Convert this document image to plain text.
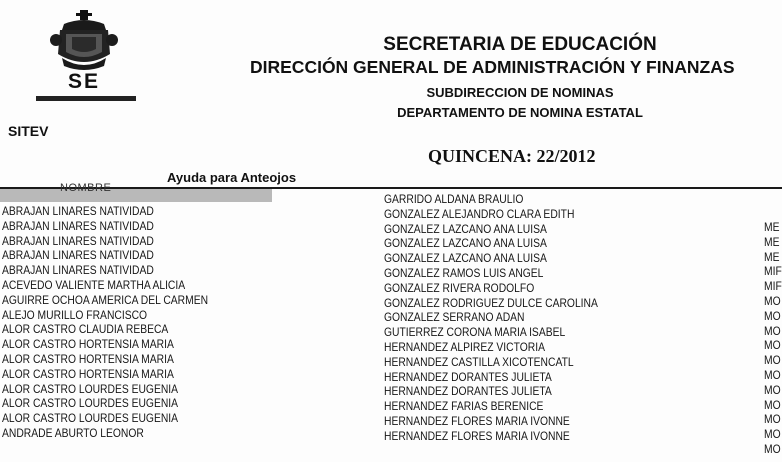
SE
SECRETARIA DE EDUCACIÓN
DIRECCIÓN GENERAL DE ADMINISTRACIÓN Y FINANZAS
SUBDIRECCION DE NOMINAS
DEPARTAMENTO DE NOMINA ESTATAL
SITEV
QUINCENA: 22/2012
Ayuda para Anteojos
NOMBRE
ABRAJAN LINARES NATIVIDAD
ABRAJAN LINARES NATIVIDAD
ABRAJAN LINARES NATIVIDAD
ABRAJAN LINARES NATIVIDAD
ABRAJAN LINARES NATIVIDAD
ACEVEDO VALIENTE MARTHA ALICIA
AGUIRRE OCHOA AMERICA DEL CARMEN
ALEJO MURILLO FRANCISCO
ALOR CASTRO CLAUDIA REBECA
ALOR CASTRO HORTENSIA MARIA
ALOR CASTRO HORTENSIA MARIA
ALOR CASTRO HORTENSIA MARIA
ALOR CASTRO LOURDES EUGENIA
ALOR CASTRO LOURDES EUGENIA
ALOR CASTRO LOURDES EUGENIA
ANDRADE ABURTO LEONOR
GARRIDO ALDANA BRAULIO
GONZALEZ ALEJANDRO CLARA EDITH
GONZALEZ LAZCANO ANA LUISA
GONZALEZ LAZCANO ANA LUISA
GONZALEZ LAZCANO ANA LUISA
GONZALEZ RAMOS LUIS ANGEL
GONZALEZ RIVERA RODOLFO
GONZALEZ RODRIGUEZ DULCE CAROLINA
GONZALEZ SERRANO ADAN
GUTIERREZ CORONA MARIA ISABEL
HERNANDEZ ALPIREZ VICTORIA
HERNANDEZ CASTILLA XICOTENCATL
HERNANDEZ DORANTES JULIETA
HERNANDEZ DORANTES JULIETA
HERNANDEZ FARIAS BERENICE
HERNANDEZ FLORES MARIA IVONNE
HERNANDEZ FLORES MARIA IVONNE
ME
ME
ME
MIF
MIF
MO
MO
MO
MO
MO
MO
MO
MO
MO
MO
MO
